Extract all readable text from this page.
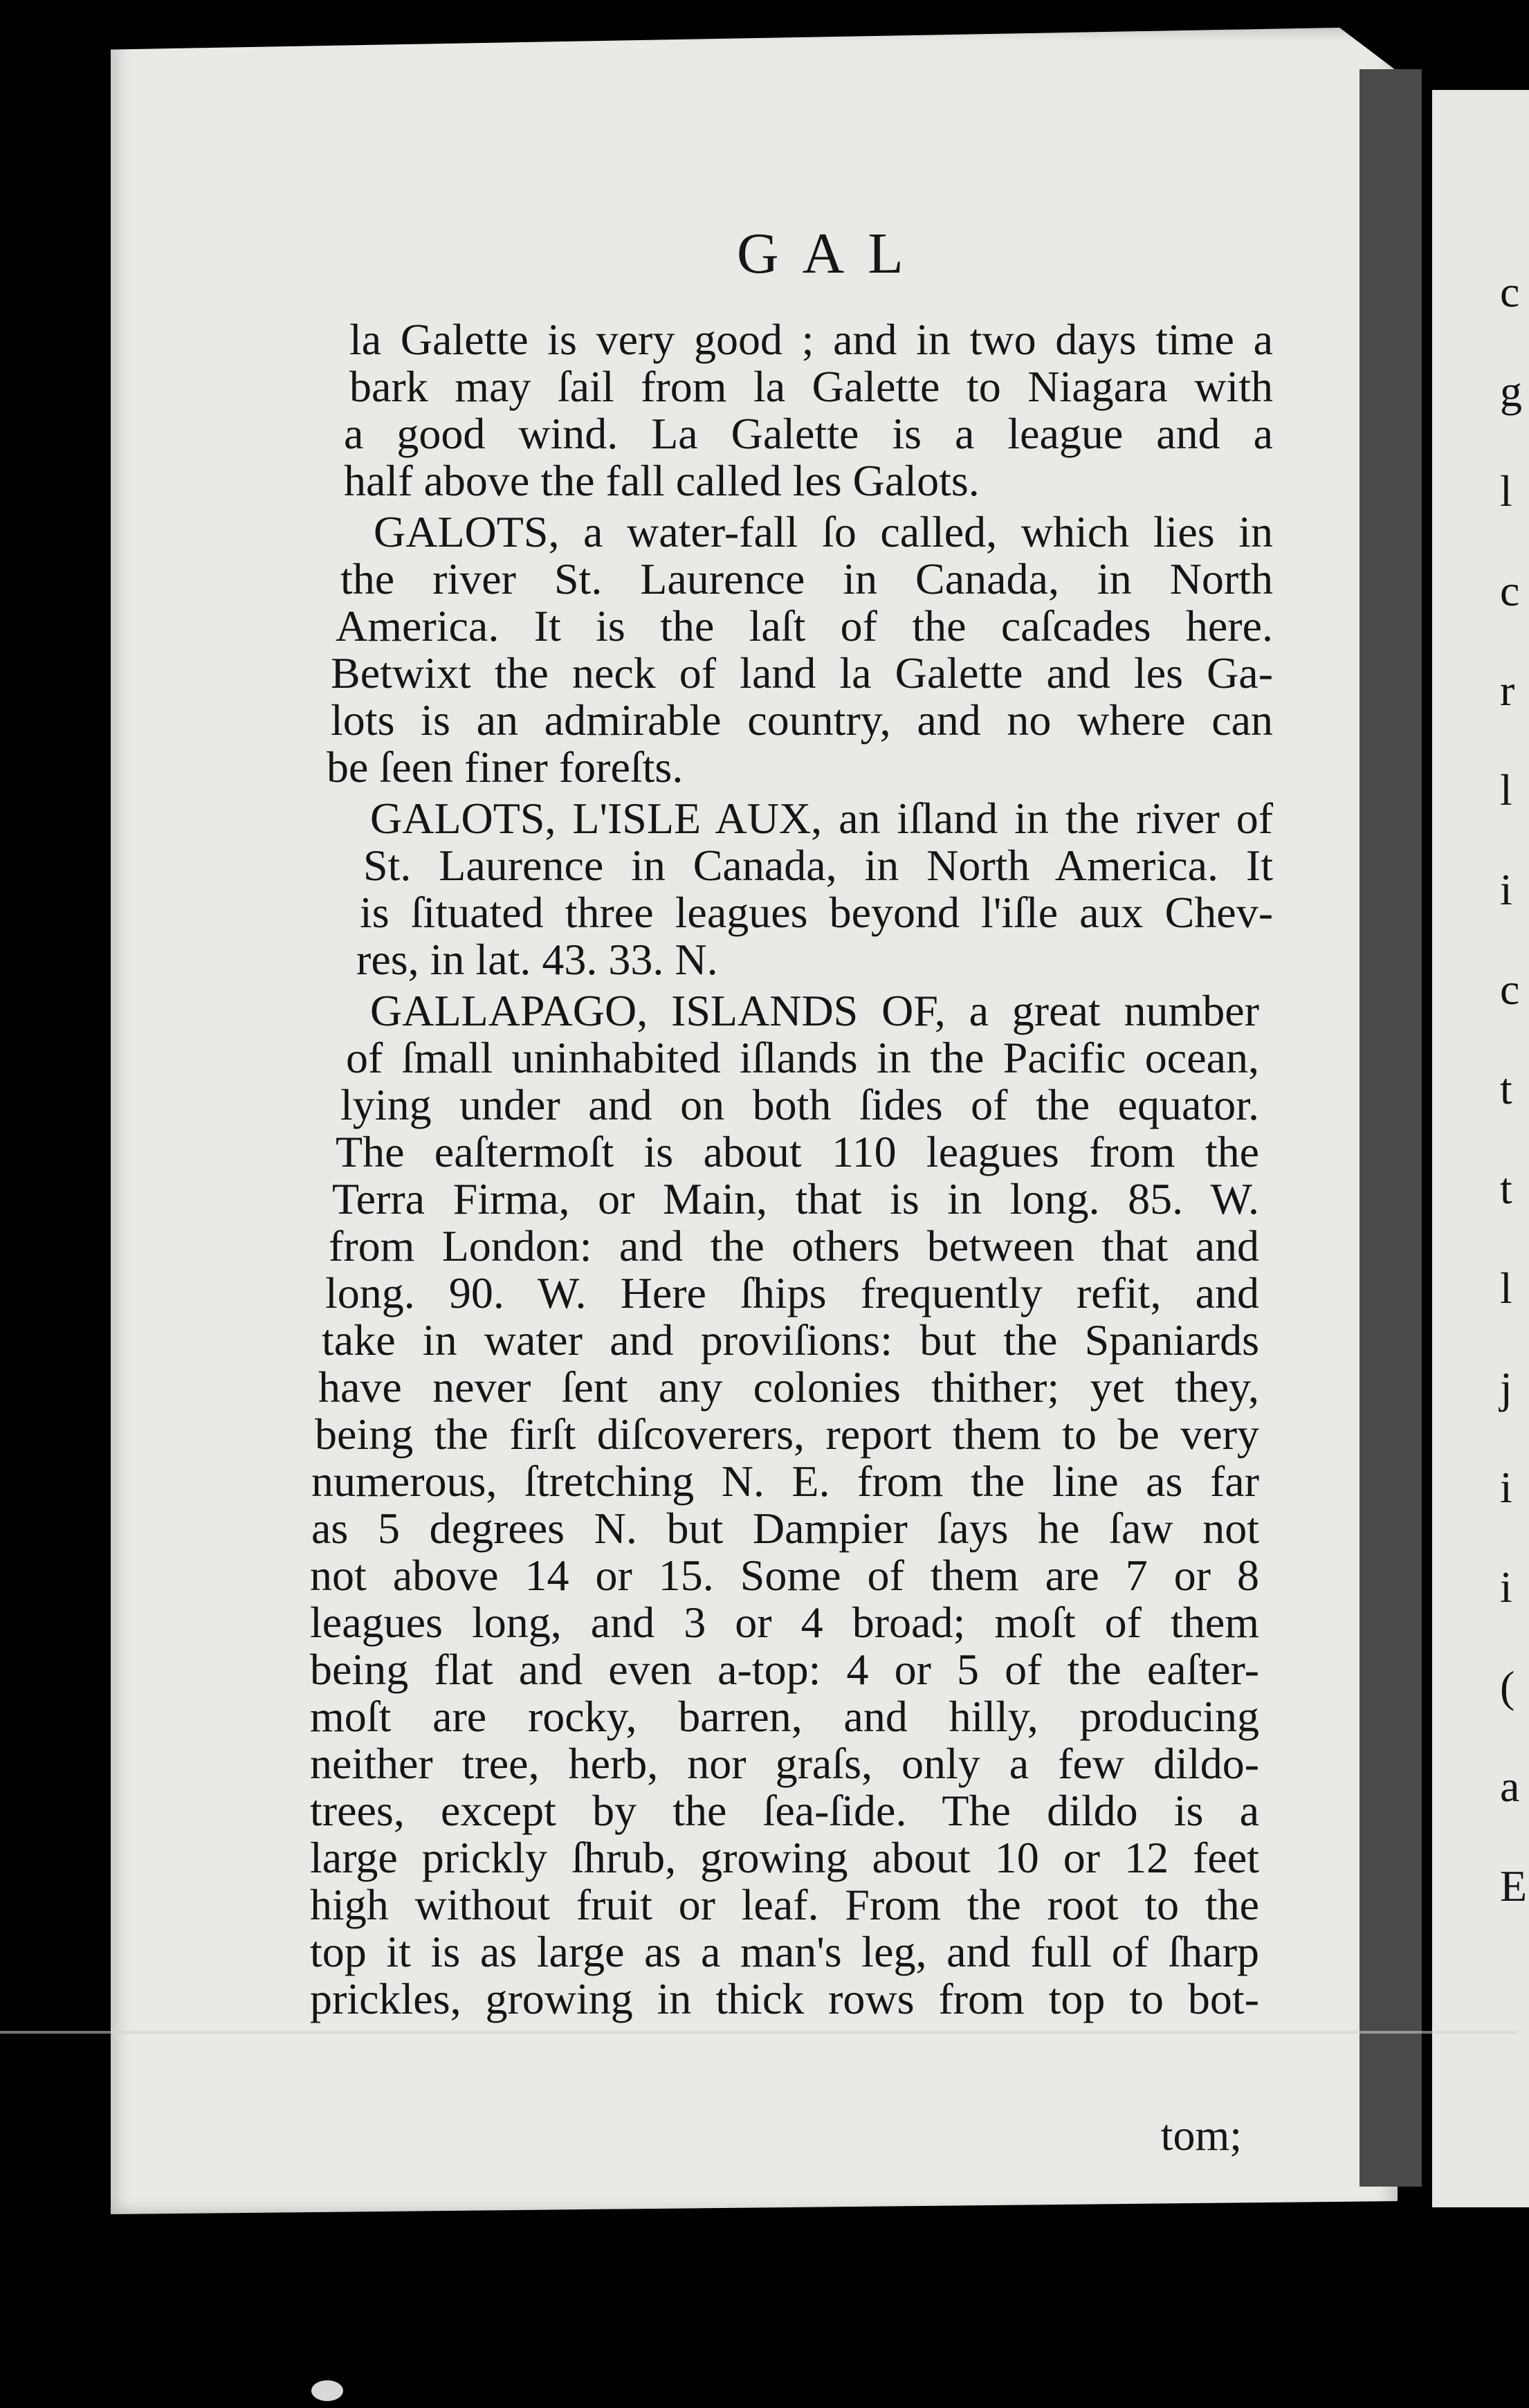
c
g
l
c
r
l
i
c
t
t
l
j
i
i
(
a
E
GAL
la Galette is very good ; and in two days time a
bark may ſail from la Galette to Niagara with
a good wind. La Galette is a league and a
half above the fall called les Galots.
GALOTS, a water-fall ſo called, which lies in
the river St. Laurence in Canada, in North
America. It is the laſt of the caſcades here.
Betwixt the neck of land la Galette and les Ga-
lots is an admirable country, and no where can
be ſeen finer foreſts.
GALOTS, L'ISLE AUX, an iſland in the river of
St. Laurence in Canada, in North America. It
is ſituated three leagues beyond l'iſle aux Chev-
res, in lat. 43. 33. N.
GALLAPAGO, ISLANDS OF, a great number
of ſmall uninhabited iſlands in the Pacific ocean,
lying under and on both ſides of the equator.
The eaſtermoſt is about 110 leagues from the
Terra Firma, or Main, that is in long. 85. W.
from London: and the others between that and
long. 90. W. Here ſhips frequently refit, and
take in water and proviſions: but the Spaniards
have never ſent any colonies thither; yet they,
being the firſt diſcoverers, report them to be very
numerous, ſtretching N. E. from the line as far
as 5 degrees N. but Dampier ſays he ſaw not
not above 14 or 15. Some of them are 7 or 8
leagues long, and 3 or 4 broad; moſt of them
being flat and even a-top: 4 or 5 of the eaſter-
moſt are rocky, barren, and hilly, producing
neither tree, herb, nor graſs, only a few dildo-
trees, except by the ſea-ſide. The dildo is a
large prickly ſhrub, growing about 10 or 12 feet
high without fruit or leaf. From the root to the
top it is as large as a man's leg, and full of ſharp
prickles, growing in thick rows from top to bot-
tom;
